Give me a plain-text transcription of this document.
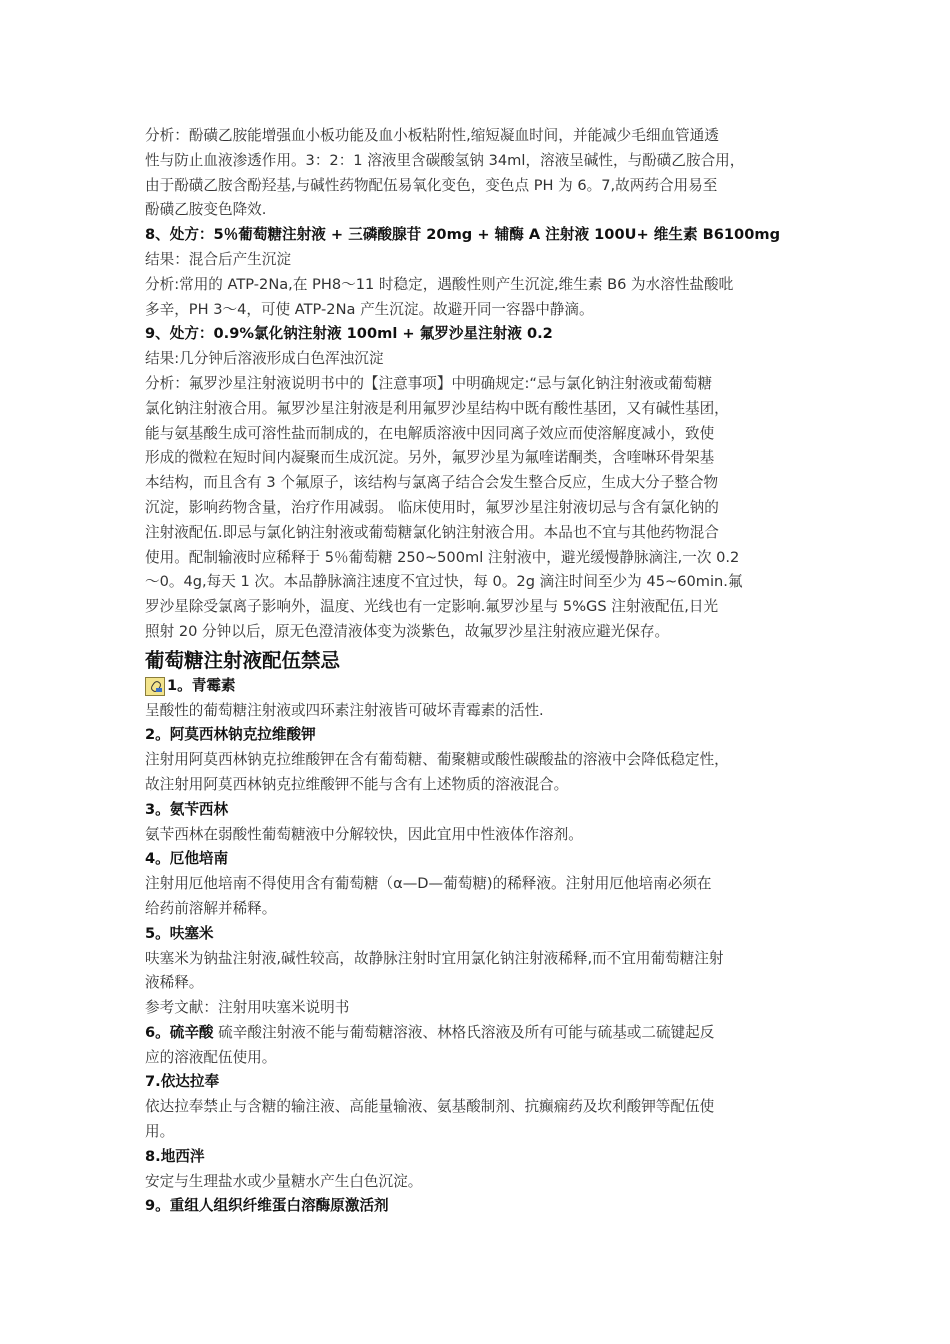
分析：酚磺乙胺能增强血小板功能及血小板粘附性,缩短凝血时间，并能减少毛细血管通透

性与防止血液渗透作用。3：2：1 溶液里含碳酸氢钠 34ml，溶液呈碱性，与酚磺乙胺合用，

由于酚磺乙胺含酚羟基,与碱性药物配伍易氧化变色，变色点 PH 为 6。7,故两药合用易至

酚磺乙胺变色降效.

8、处方：5％葡萄糖注射液 + 三磷酸腺苷 20mg + 辅酶 A 注射液 100U+ 维生素 B6100mg

结果：混合后产生沉淀

分析:常用的 ATP-2Na,在 PH8～11 时稳定，遇酸性则产生沉淀,维生素 B6 为水溶性盐酸吡

多辛，PH 3～4，可使 ATP-2Na 产生沉淀。故避开同一容器中静滴。

9、处方：0.9%氯化钠注射液 100ml + 氟罗沙星注射液 0.2

结果:几分钟后溶液形成白色浑浊沉淀

分析：氟罗沙星注射液说明书中的【注意事项】中明确规定:“忌与氯化钠注射液或葡萄糖

氯化钠注射液合用。氟罗沙星注射液是利用氟罗沙星结构中既有酸性基团，又有碱性基团，

能与氨基酸生成可溶性盐而制成的，在电解质溶液中因同离子效应而使溶解度减小，致使

形成的微粒在短时间内凝聚而生成沉淀。另外，氟罗沙星为氟喹诺酮类，含喹啉环骨架基

本结构，而且含有 3 个氟原子，该结构与氯离子结合会发生整合反应，生成大分子整合物

沉淀，影响药物含量，治疗作用减弱。 临床使用时，氟罗沙星注射液切忌与含有氯化钠的

注射液配伍.即忌与氯化钠注射液或葡萄糖氯化钠注射液合用。本品也不宜与其他药物混合

使用。配制输液时应稀释于 5％葡萄糖 250~500ml 注射液中，避光缓慢静脉滴注,一次 0.2

～0。4g,每天 1 次。本品静脉滴注速度不宜过快，每 0。2g 滴注时间至少为 45~60min.氟

罗沙星除受氯离子影响外，温度、光线也有一定影响.氟罗沙星与 5%GS 注射液配伍,日光

照射 20 分钟以后，原无色澄清液体变为淡紫色，故氟罗沙星注射液应避光保存。

葡萄糖注射液配伍禁忌
1。青霉素

呈酸性的葡萄糖注射液或四环素注射液皆可破坏青霉素的活性.

2。阿莫西林钠克拉维酸钾

注射用阿莫西林钠克拉维酸钾在含有葡萄糖、葡聚糖或酸性碳酸盐的溶液中会降低稳定性，

故注射用阿莫西林钠克拉维酸钾不能与含有上述物质的溶液混合。

3。氨苄西林

氨苄西林在弱酸性葡萄糖液中分解较快，因此宜用中性液体作溶剂。

4。厄他培南

注射用厄他培南不得使用含有葡萄糖（α—D—葡萄糖)的稀释液。注射用厄他培南必须在

给药前溶解并稀释。

5。呋塞米

呋塞米为钠盐注射液,碱性较高，故静脉注射时宜用氯化钠注射液稀释,而不宜用葡萄糖注射

液稀释。

参考文献：注射用呋塞米说明书

6。硫辛酸 硫辛酸注射液不能与葡萄糖溶液、林格氏溶液及所有可能与硫基或二硫键起反

应的溶液配伍使用。

7.依达拉奉

依达拉奉禁止与含糖的输注液、高能量输液、氨基酸制剂、抗癫痫药及坎利酸钾等配伍使

用。

8.地西泮

安定与生理盐水或少量糖水产生白色沉淀。

9。重组人组织纤维蛋白溶酶原激活剂
